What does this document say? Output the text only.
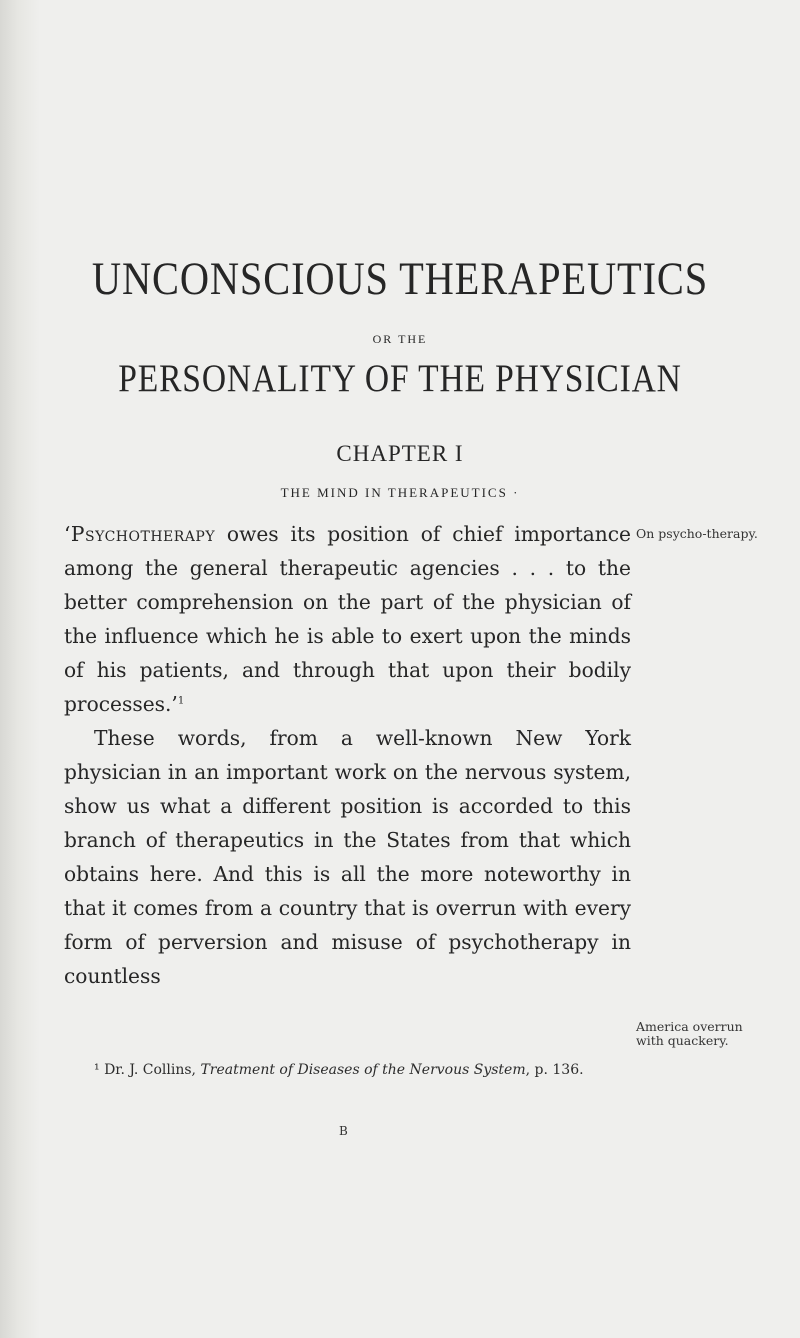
UNCONSCIOUS THERAPEUTICS
OR THE
PERSONALITY OF THE PHYSICIAN
CHAPTER I
THE MIND IN THERAPEUTICS ·

‘Psychotherapy owes its position of chief importance among the general therapeutic agencies . . . to the better comprehension on the part of the physician of the influence which he is able to exert upon the minds of his patients, and through that upon their bodily processes.’$^1$

These words, from a well-known New York physician in an important work on the nervous system, show us what a different position is accorded to this branch of therapeutics in the States from that which obtains here. And this is all the more noteworthy in that it comes from a country that is overrun with every form of perversion and misuse of psychotherapy in countless

On psycho-therapy.
America overrun with quackery.

¹ Dr. J. Collins, Treatment of Diseases of the Nervous System, p. 136.

B
